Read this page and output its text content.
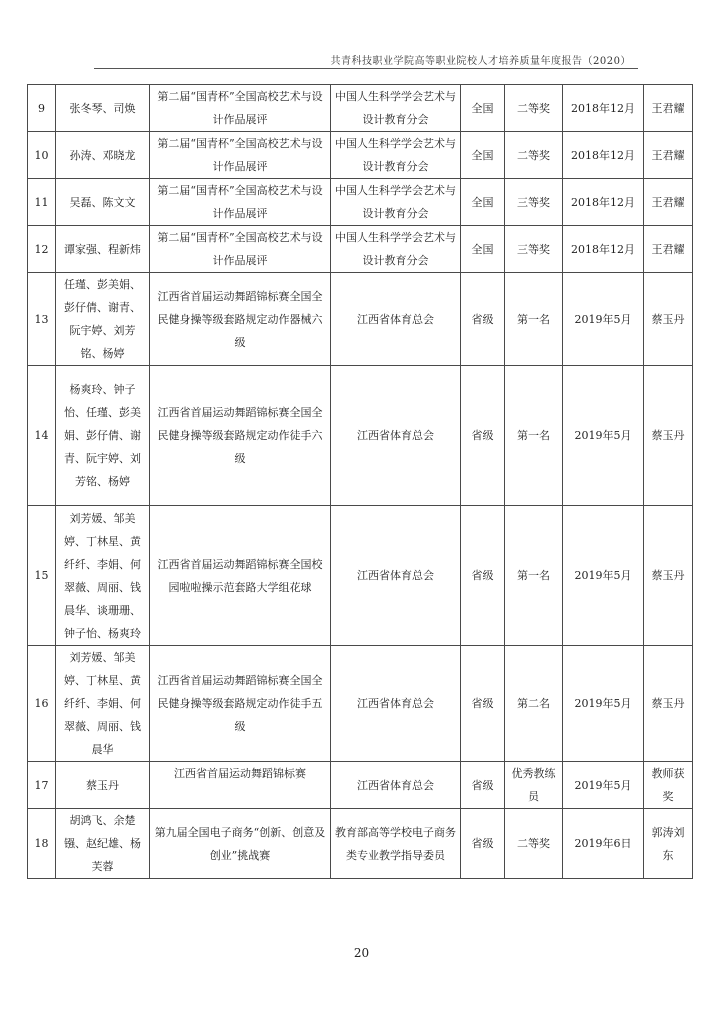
共青科技职业学院高等职业院校人才培养质量年度报告（2020）
9	张冬琴、司焕	第二届“国青杯”全国高校艺术与设计作品展评	中国人生科学学会艺术与设计教育分会	全国	二等奖	2018年12月	王君耀
10	孙涛、邓晓龙	第二届“国青杯”全国高校艺术与设计作品展评	中国人生科学学会艺术与设计教育分会	全国	二等奖	2018年12月	王君耀
11	吴磊、陈文文	第二届“国青杯”全国高校艺术与设计作品展评	中国人生科学学会艺术与设计教育分会	全国	三等奖	2018年12月	王君耀
12	谭家强、程新炜	第二届“国青杯”全国高校艺术与设计作品展评	中国人生科学学会艺术与设计教育分会	全国	三等奖	2018年12月	王君耀
13	任瑾、彭美娟、彭仔倩、谢青、阮宇婷、刘芳铭、杨婷	江西省首届运动舞蹈锦标赛全国全民健身操等级套路规定动作器械六级	江西省体育总会	省级	第一名	2019年5月	蔡玉丹
14	杨爽玲、钟子怡、任瑾、彭美娟、彭仔倩、谢青、阮宇婷、刘芳铭、杨婷	江西省首届运动舞蹈锦标赛全国全民健身操等级套路规定动作徒手六级	江西省体育总会	省级	第一名	2019年5月	蔡玉丹
15	刘芳媛、邹美婷、丁林星、黄纤纤、李娟、何翠薇、周丽、钱晨华、谈珊珊、钟子怡、杨爽玲	江西省首届运动舞蹈锦标赛全国校园啦啦操示范套路大学组花球	江西省体育总会	省级	第一名	2019年5月	蔡玉丹
16	刘芳媛、邹美婷、丁林星、黄纤纤、李娟、何翠薇、周丽、钱晨华	江西省首届运动舞蹈锦标赛全国全民健身操等级套路规定动作徒手五级	江西省体育总会	省级	第二名	2019年5月	蔡玉丹
17	蔡玉丹	江西省首届运动舞蹈锦标赛	江西省体育总会	省级	优秀教练员	2019年5月	教师获奖
18	胡鸿飞、余楚镪、赵纪雄、杨芙蓉	第九届全国电子商务“创新、创意及创业”挑战赛	教育部高等学校电子商务类专业教学指导委员	省级	二等奖	2019年6日	郭涛刘东
20
